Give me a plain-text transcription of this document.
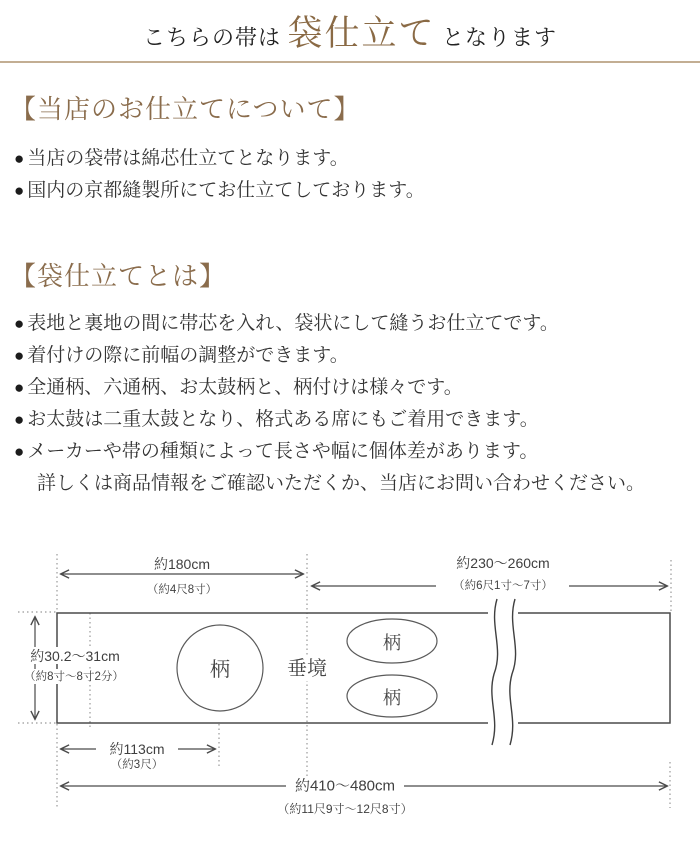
こちらの帯は 袋仕立て となります
【当店のお仕立てについて】
● 当店の袋帯は綿芯仕立てとなります。
● 国内の京都縫製所にてお仕立てしております。
【袋仕立てとは】
● 表地と裏地の間に帯芯を入れ、袋状にして縫うお仕立てです。
● 着付けの際に前幅の調整ができます。
● 全通柄、六通柄、お太鼓柄と、柄付けは様々です。
● お太鼓は二重太鼓となり、格式ある席にもご着用できます。
● メーカーや帯の種類によって長さや幅に個体差があります。
詳しくは商品情報をご確認いただくか、当店にお問い合わせください。
約180cm
（約4尺8寸）
約230〜260cm
（約6尺1寸〜7寸）
約30.2〜31cm
（約8寸〜8寸2分）
約113cm
（約3尺）
約410〜480cm
（約11尺9寸〜12尺8寸）
柄	垂境
柄
柄
